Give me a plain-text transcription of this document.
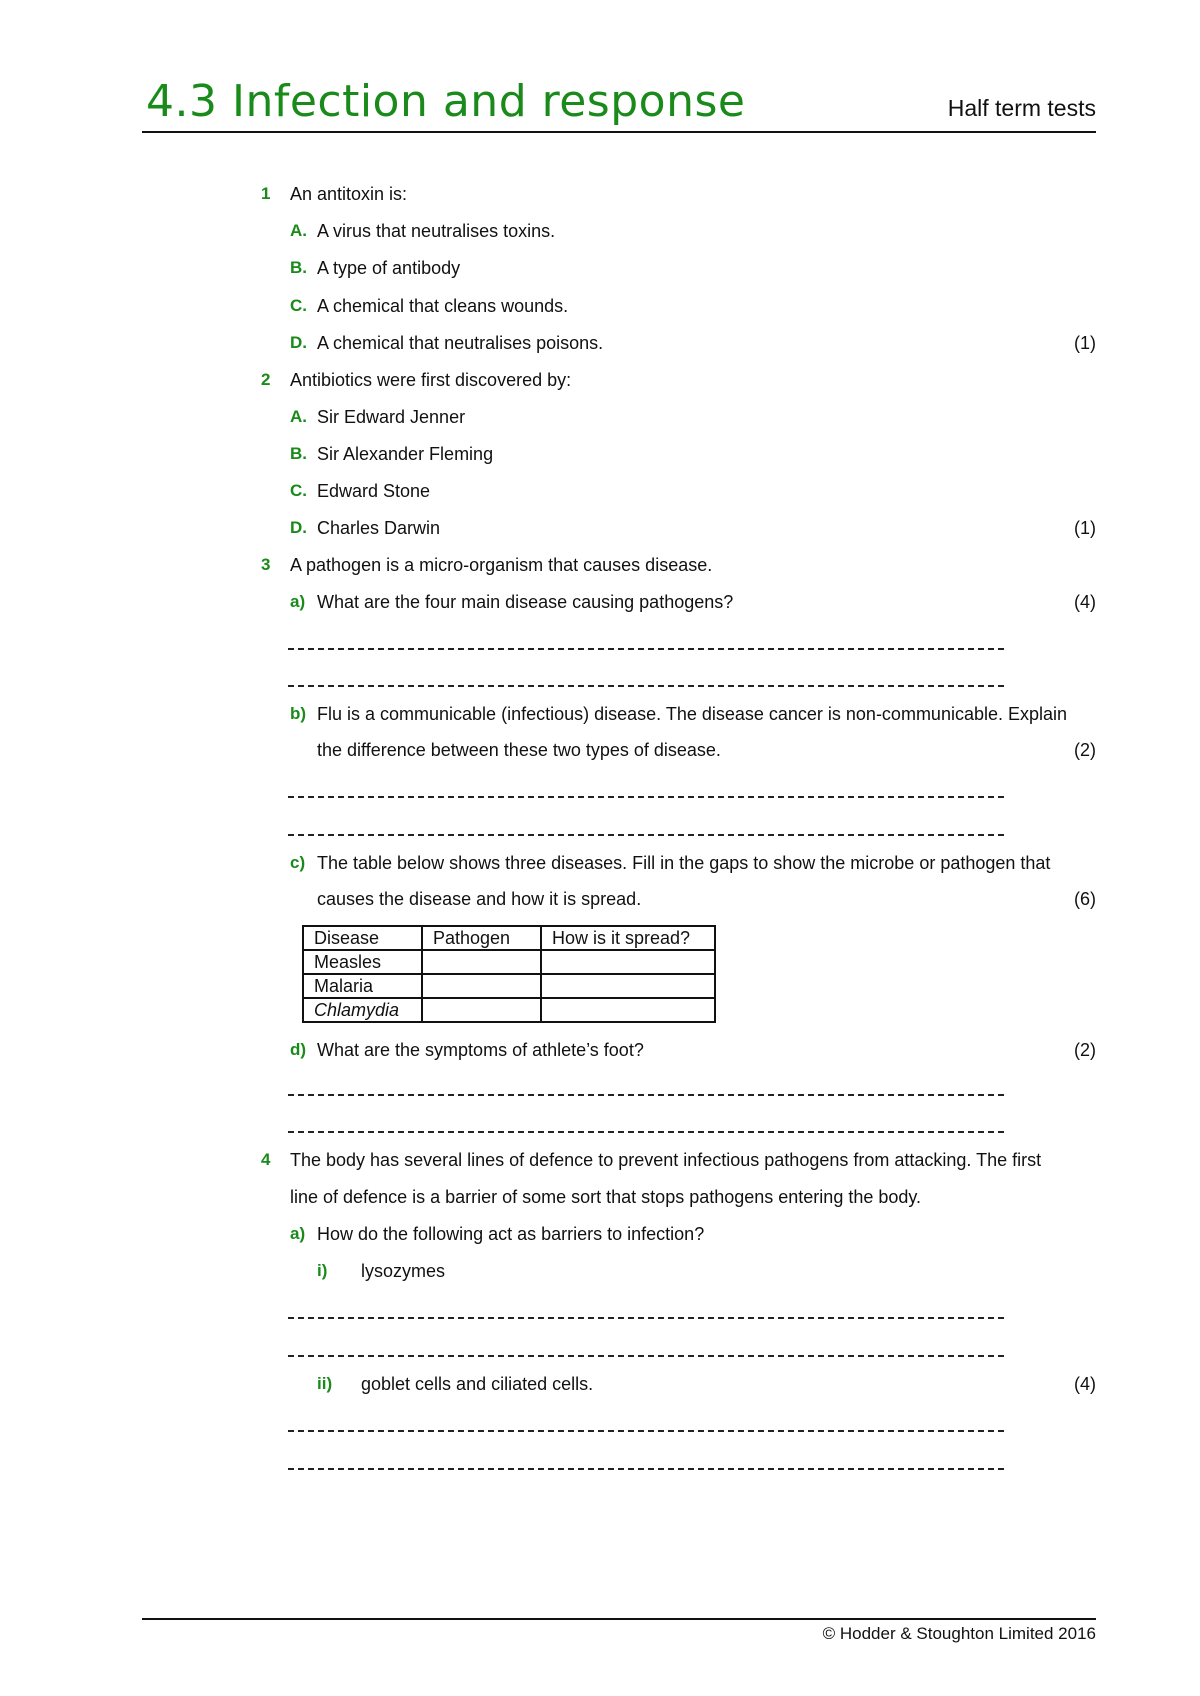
4.3 Infection and response	Half term tests
1 An antitoxin is:
A. A virus that neutralises toxins.
B. A type of antibody
C. A chemical that cleans wounds.
D. A chemical that neutralises poisons.	(1)
2 Antibiotics were first discovered by:
A. Sir Edward Jenner
B. Sir Alexander Fleming
C. Edward Stone
D. Charles Darwin	(1)
3 A pathogen is a micro-organism that causes disease.
a) What are the four main disease causing pathogens?	(4)
b) Flu is a communicable (infectious) disease. The disease cancer is non-communicable. Explain
the difference between these two types of disease.	(2)
c) The table below shows three diseases. Fill in the gaps to show the microbe or pathogen that
causes the disease and how it is spread.	(6)
Disease	Pathogen	How is it spread?
Measles		
Malaria		
Chlamydia		
d) What are the symptoms of athlete’s foot?	(2)
4 The body has several lines of defence to prevent infectious pathogens from attacking. The first
line of defence is a barrier of some sort that stops pathogens entering the body.
a) How do the following act as barriers to infection?
i) lysozymes
ii) goblet cells and ciliated cells.	(4)
© Hodder & Stoughton Limited 2016
